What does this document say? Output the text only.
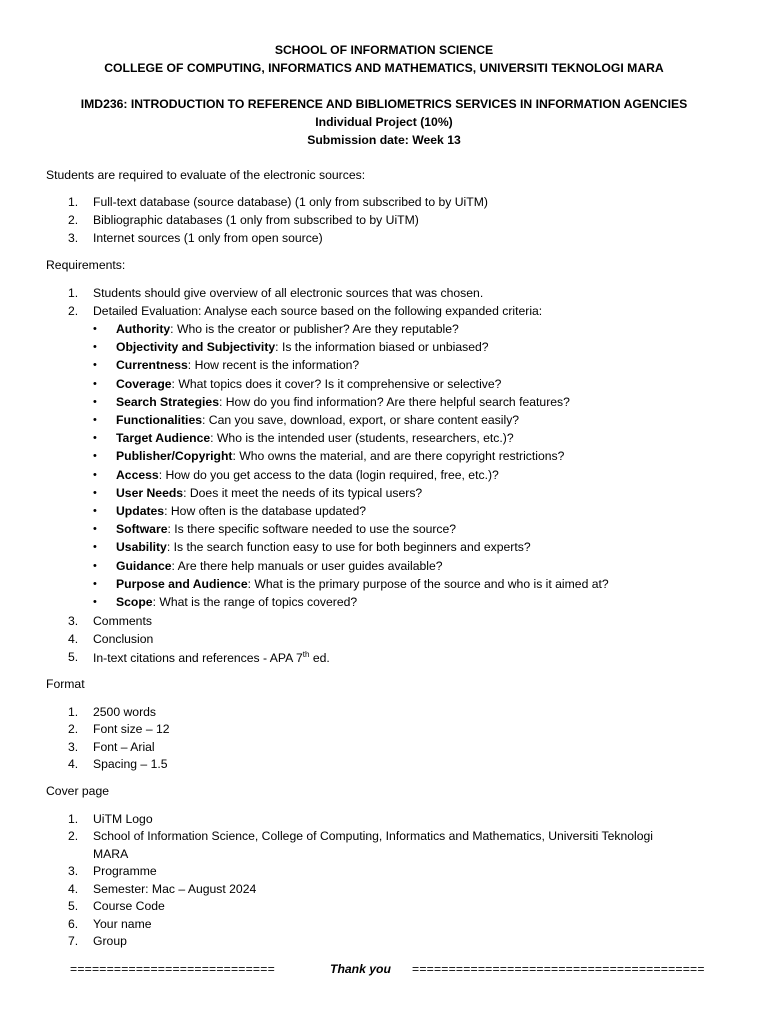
SCHOOL OF INFORMATION SCIENCE
COLLEGE OF COMPUTING, INFORMATICS AND MATHEMATICS, UNIVERSITI TEKNOLOGI MARA
IMD236: INTRODUCTION TO REFERENCE AND BIBLIOMETRICS SERVICES IN INFORMATION AGENCIES
Individual Project (10%)
Submission date: Week 13
Students are required to evaluate of the electronic sources:
1. Full-text database (source database) (1 only from subscribed to by UiTM)
2. Bibliographic databases (1 only from subscribed to by UiTM)
3. Internet sources (1 only from open source)
Requirements:
1. Students should give overview of all electronic sources that was chosen.
2. Detailed Evaluation: Analyse each source based on the following expanded criteria:
• Authority: Who is the creator or publisher? Are they reputable?
• Objectivity and Subjectivity: Is the information biased or unbiased?
• Currentness: How recent is the information?
• Coverage: What topics does it cover? Is it comprehensive or selective?
• Search Strategies: How do you find information? Are there helpful search features?
• Functionalities: Can you save, download, export, or share content easily?
• Target Audience: Who is the intended user (students, researchers, etc.)?
• Publisher/Copyright: Who owns the material, and are there copyright restrictions?
• Access: How do you get access to the data (login required, free, etc.)?
• User Needs: Does it meet the needs of its typical users?
• Updates: How often is the database updated?
• Software: Is there specific software needed to use the source?
• Usability: Is the search function easy to use for both beginners and experts?
• Guidance: Are there help manuals or user guides available?
• Purpose and Audience: What is the primary purpose of the source and who is it aimed at?
• Scope: What is the range of topics covered?
3. Comments
4. Conclusion
5. In-text citations and references - APA 7th ed.
Format
1. 2500 words
2. Font size – 12
3. Font – Arial
4. Spacing – 1.5
Cover page
1. UiTM Logo
2. School of Information Science, College of Computing, Informatics and Mathematics, Universiti Teknologi
MARA
3. Programme
4. Semester: Mac – August 2024
5. Course Code
6. Your name
7. Group
============================	Thank you ========================================
